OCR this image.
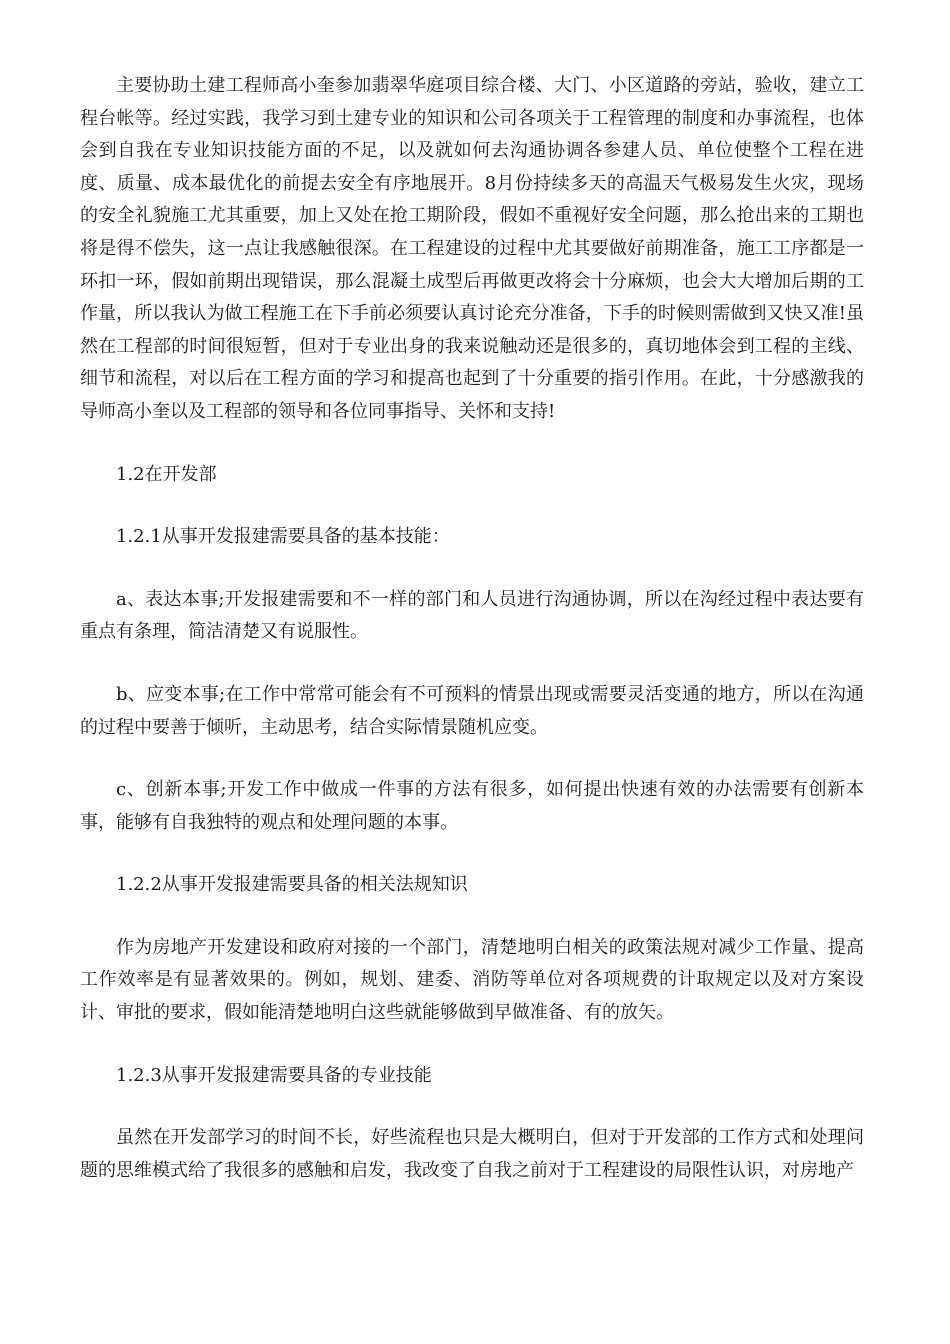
主要协助土建工程师高小奎参加翡翠华庭项目综合楼、大门、小区道路的旁站，验收，建立工程台帐等。经过实践，我学习到土建专业的知识和公司各项关于工程管理的制度和办事流程，也体会到自我在专业知识技能方面的不足，以及就如何去沟通协调各参建人员、单位使整个工程在进度、质量、成本最优化的前提去安全有序地展开。8月份持续多天的高温天气极易发生火灾，现场的安全礼貌施工尤其重要，加上又处在抢工期阶段，假如不重视好安全问题，那么抢出来的工期也将是得不偿失，这一点让我感触很深。在工程建设的过程中尤其要做好前期准备，施工工序都是一环扣一环，假如前期出现错误，那么混凝土成型后再做更改将会十分麻烦，也会大大增加后期的工作量，所以我认为做工程施工在下手前必须要认真讨论充分准备，下手的时候则需做到又快又准!虽然在工程部的时间很短暂，但对于专业出身的我来说触动还是很多的，真切地体会到工程的主线、细节和流程，对以后在工程方面的学习和提高也起到了十分重要的指引作用。在此，十分感激我的导师高小奎以及工程部的领导和各位同事指导、关怀和支持!

1.2在开发部

1.2.1从事开发报建需要具备的基本技能：

a、表达本事;开发报建需要和不一样的部门和人员进行沟通协调，所以在沟经过程中表达要有重点有条理，简洁清楚又有说服性。

b、应变本事;在工作中常常可能会有不可预料的情景出现或需要灵活变通的地方，所以在沟通的过程中要善于倾听，主动思考，结合实际情景随机应变。

c、创新本事;开发工作中做成一件事的方法有很多，如何提出快速有效的办法需要有创新本事，能够有自我独特的观点和处理问题的本事。

1.2.2从事开发报建需要具备的相关法规知识

作为房地产开发建设和政府对接的一个部门，清楚地明白相关的政策法规对减少工作量、提高工作效率是有显著效果的。例如，规划、建委、消防等单位对各项规费的计取规定以及对方案设计、审批的要求，假如能清楚地明白这些就能够做到早做准备、有的放矢。

1.2.3从事开发报建需要具备的专业技能

虽然在开发部学习的时间不长，好些流程也只是大概明白，但对于开发部的工作方式和处理问题的思维模式给了我很多的感触和启发，我改变了自我之前对于工程建设的局限性认识，对房地产
